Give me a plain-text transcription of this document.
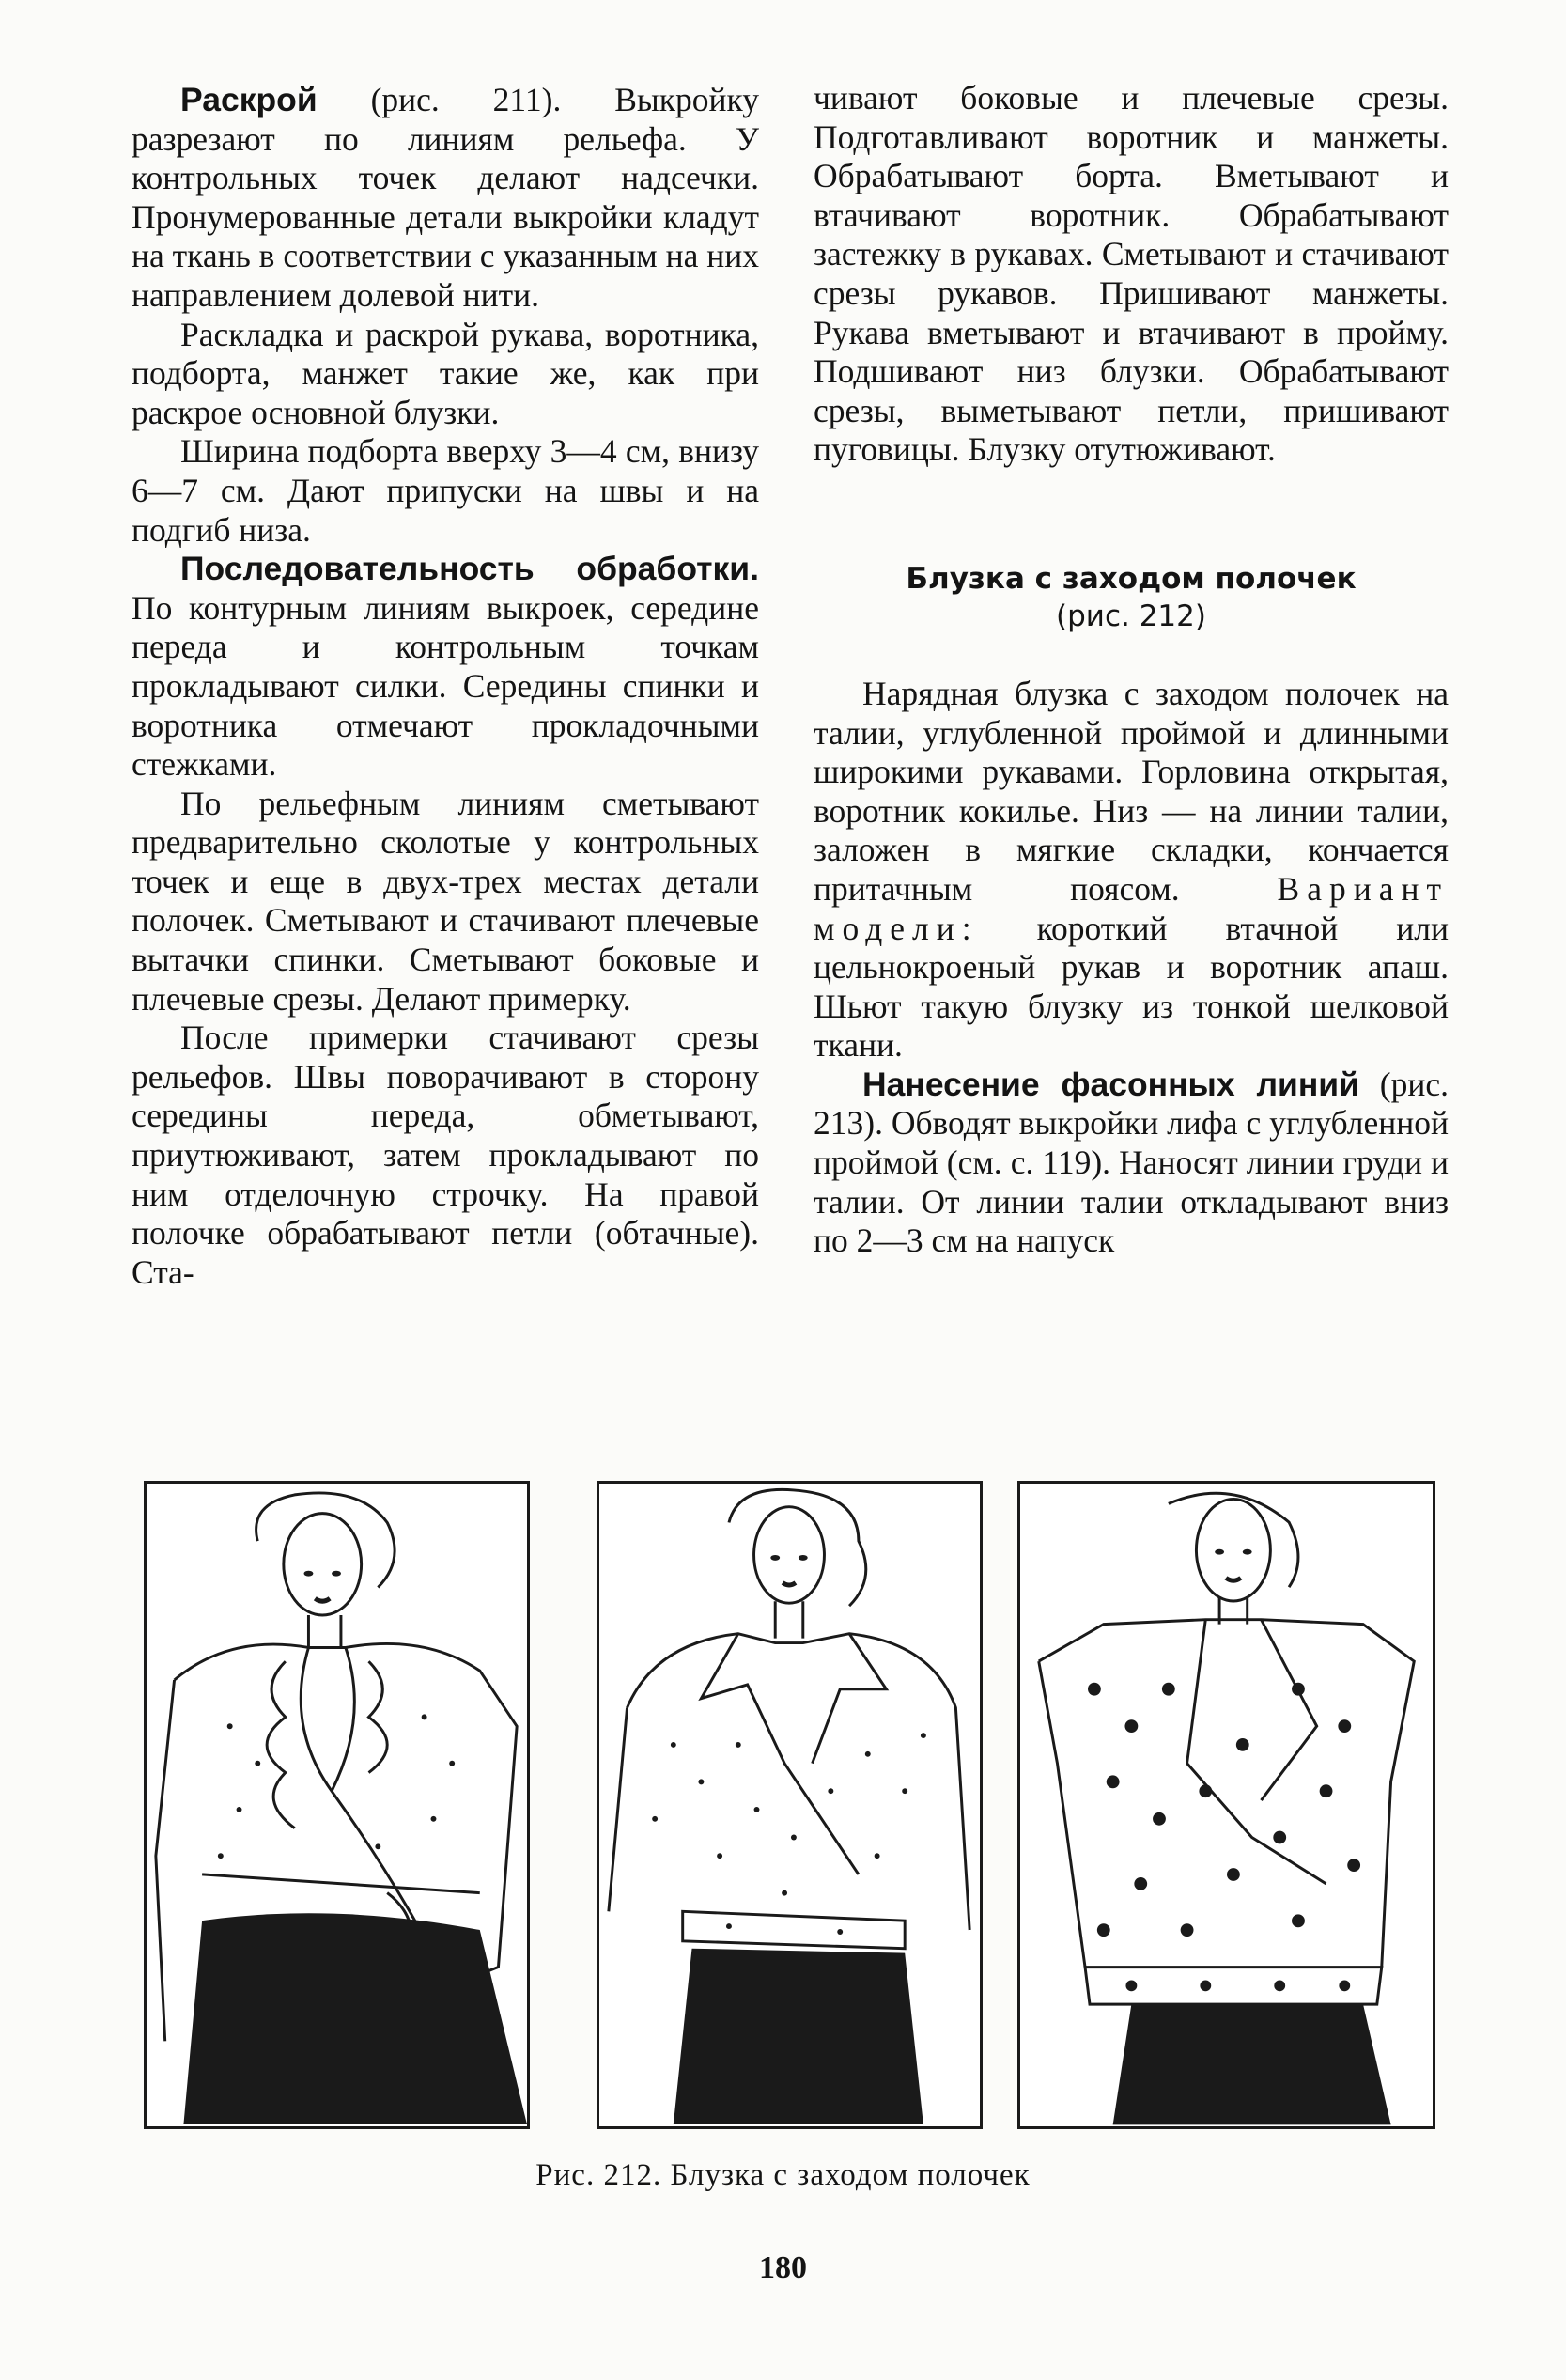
Раскрой (рис. 211). Выкройку разрезают по линиям рельефа. У контрольных точек делают надсечки. Пронумерованные детали выкройки кладут на ткань в соответствии с указанным на них направлением долевой нити.

Раскладка и раскрой рукава, воротника, подборта, манжет такие же, как при раскрое основной блузки.

Ширина подборта вверху 3—4 см, внизу 6—7 см. Дают припуски на швы и на подгиб низа.

Последовательность обработки. По контурным линиям выкроек, середине переда и контрольным точкам прокладывают силки. Середины спинки и воротника отмечают прокладочными стежками.

По рельефным линиям сметывают предварительно сколотые у контрольных точек и еще в двух-трех местах детали полочек. Сметывают и стачивают плечевые вытачки спинки. Сметывают боковые и плечевые срезы. Делают примерку.

После примерки стачивают срезы рельефов. Швы поворачивают в сторону середины переда, обметывают, приутюживают, затем прокладывают по ним отделочную строчку. На правой полочке обрабатывают петли (обтачные). Ста-

чивают боковые и плечевые срезы. Подготавливают воротник и манжеты. Обрабатывают борта. Вметывают и втачивают воротник. Обрабатывают застежку в рукавах. Сметывают и стачивают срезы рукавов. Пришивают манжеты. Рукава вметывают и втачивают в пройму. Подшивают низ блузки. Обрабатывают срезы, выметывают петли, пришивают пуговицы. Блузку отутюживают.

Блузка с заходом полочек
(рис. 212)

Нарядная блузка с заходом полочек на талии, углубленной проймой и длинными широкими рукавами. Горловина открытая, воротник кокилье. Низ — на линии талии, заложен в мягкие складки, кончается притачным поясом. Вариант модели: короткий втачной или цельнокроеный рукав и воротник апаш. Шьют такую блузку из тонкой шелковой ткани.

Нанесение фасонных линий (рис. 213). Обводят выкройки лифа с углубленной проймой (см. с. 119). Наносят линии груди и талии. От линии талии откладывают вниз по 2—3 см на напуск

Рис. 212. Блузка с заходом полочек
180
